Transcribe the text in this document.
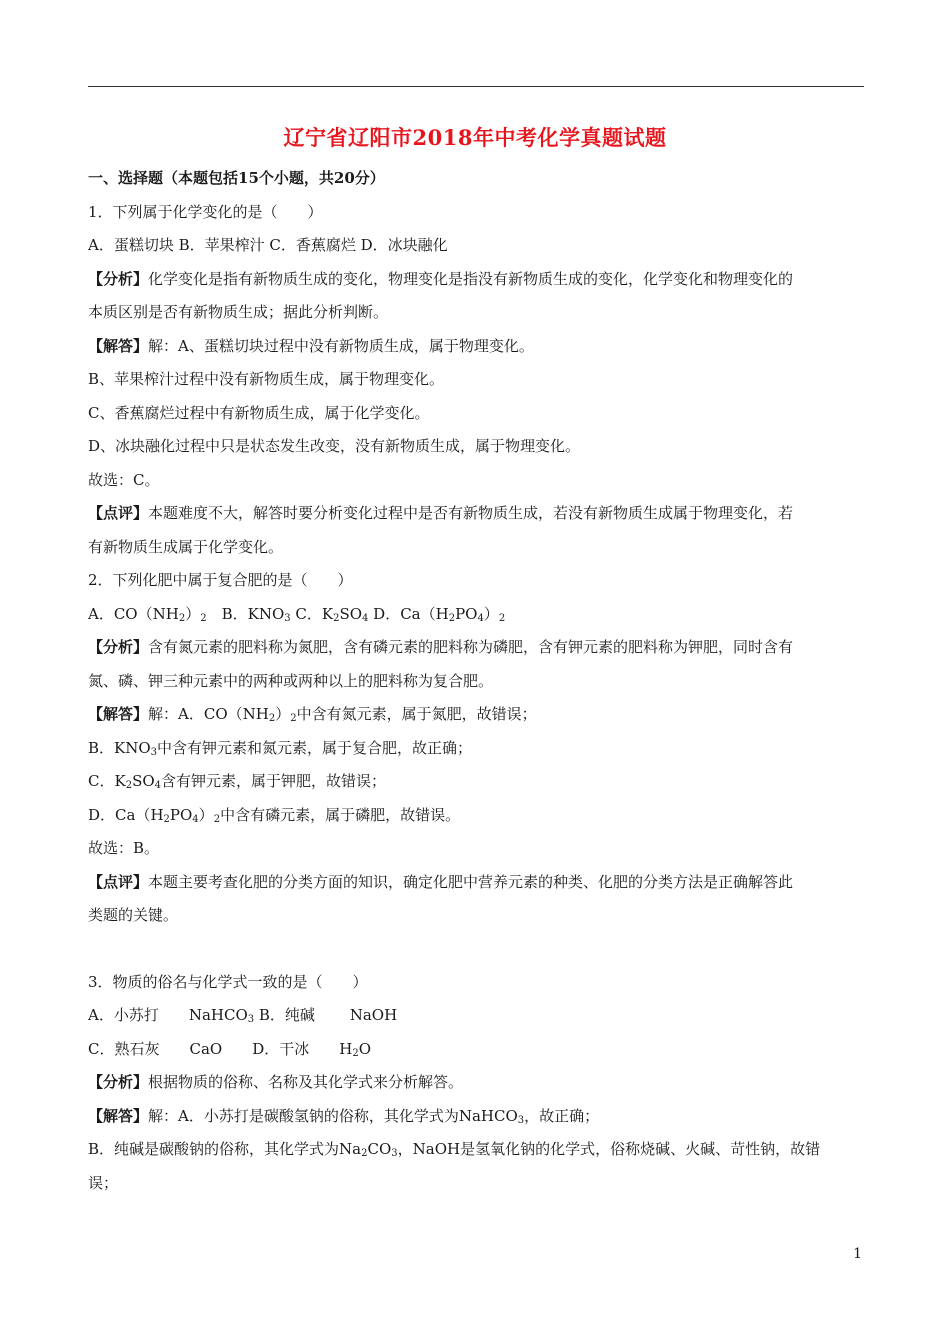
辽宁省辽阳市2018年中考化学真题试题
一、选择题（本题包括15个小题，共20分）
1．下列属于化学变化的是（　　）
A．蛋糕切块 B．苹果榨汁 C．香蕉腐烂 D．冰块融化
【分析】化学变化是指有新物质生成的变化，物理变化是指没有新物质生成的变化，化学变化和物理变化的
本质区别是否有新物质生成；据此分析判断。
【解答】解：A、蛋糕切块过程中没有新物质生成，属于物理变化。
B、苹果榨汁过程中没有新物质生成，属于物理变化。
C、香蕉腐烂过程中有新物质生成，属于化学变化。
D、冰块融化过程中只是状态发生改变，没有新物质生成，属于物理变化。
故选：C。
【点评】本题难度不大，解答时要分析变化过程中是否有新物质生成，若没有新物质生成属于物理变化，若
有新物质生成属于化学变化。
2．下列化肥中属于复合肥的是（　　）
A．$CO(NH_2)_2$　B．$KNO_3$ C．$K_2SO_4$ D．$Ca(H_2PO_4)_2$
【分析】含有氮元素的肥料称为氮肥，含有磷元素的肥料称为磷肥，含有钾元素的肥料称为钾肥，同时含有
氮、磷、钾三种元素中的两种或两种以上的肥料称为复合肥。
【解答】解：A．$CO(NH_2)_2$中含有氮元素，属于氮肥，故错误；
B．$KNO_3$中含有钾元素和氮元素，属于复合肥，故正确；
C．$K_2SO_4$含有钾元素，属于钾肥，故错误；
D．$Ca(H_2PO_4)_2$中含有磷元素，属于磷肥，故错误。
故选：B。
【点评】本题主要考查化肥的分类方面的知识，确定化肥中营养元素的种类、化肥的分类方法是正确解答此
类题的关键。
3．物质的俗名与化学式一致的是（　　）
A．小苏打　　NaHCO$_3$ B．纯碱　　 NaOH
C．熟石灰　　CaO　　D．干冰　　$H_2O$
【分析】根据物质的俗称、名称及其化学式来分析解答。
【解答】解：A．小苏打是碳酸氢钠的俗称，其化学式为NaHCO$_3$，故正确；
B．纯碱是碳酸钠的俗称，其化学式为$Na_2CO_3$，NaOH是氢氧化钠的化学式，俗称烧碱、火碱、苛性钠，故错
误；
1
